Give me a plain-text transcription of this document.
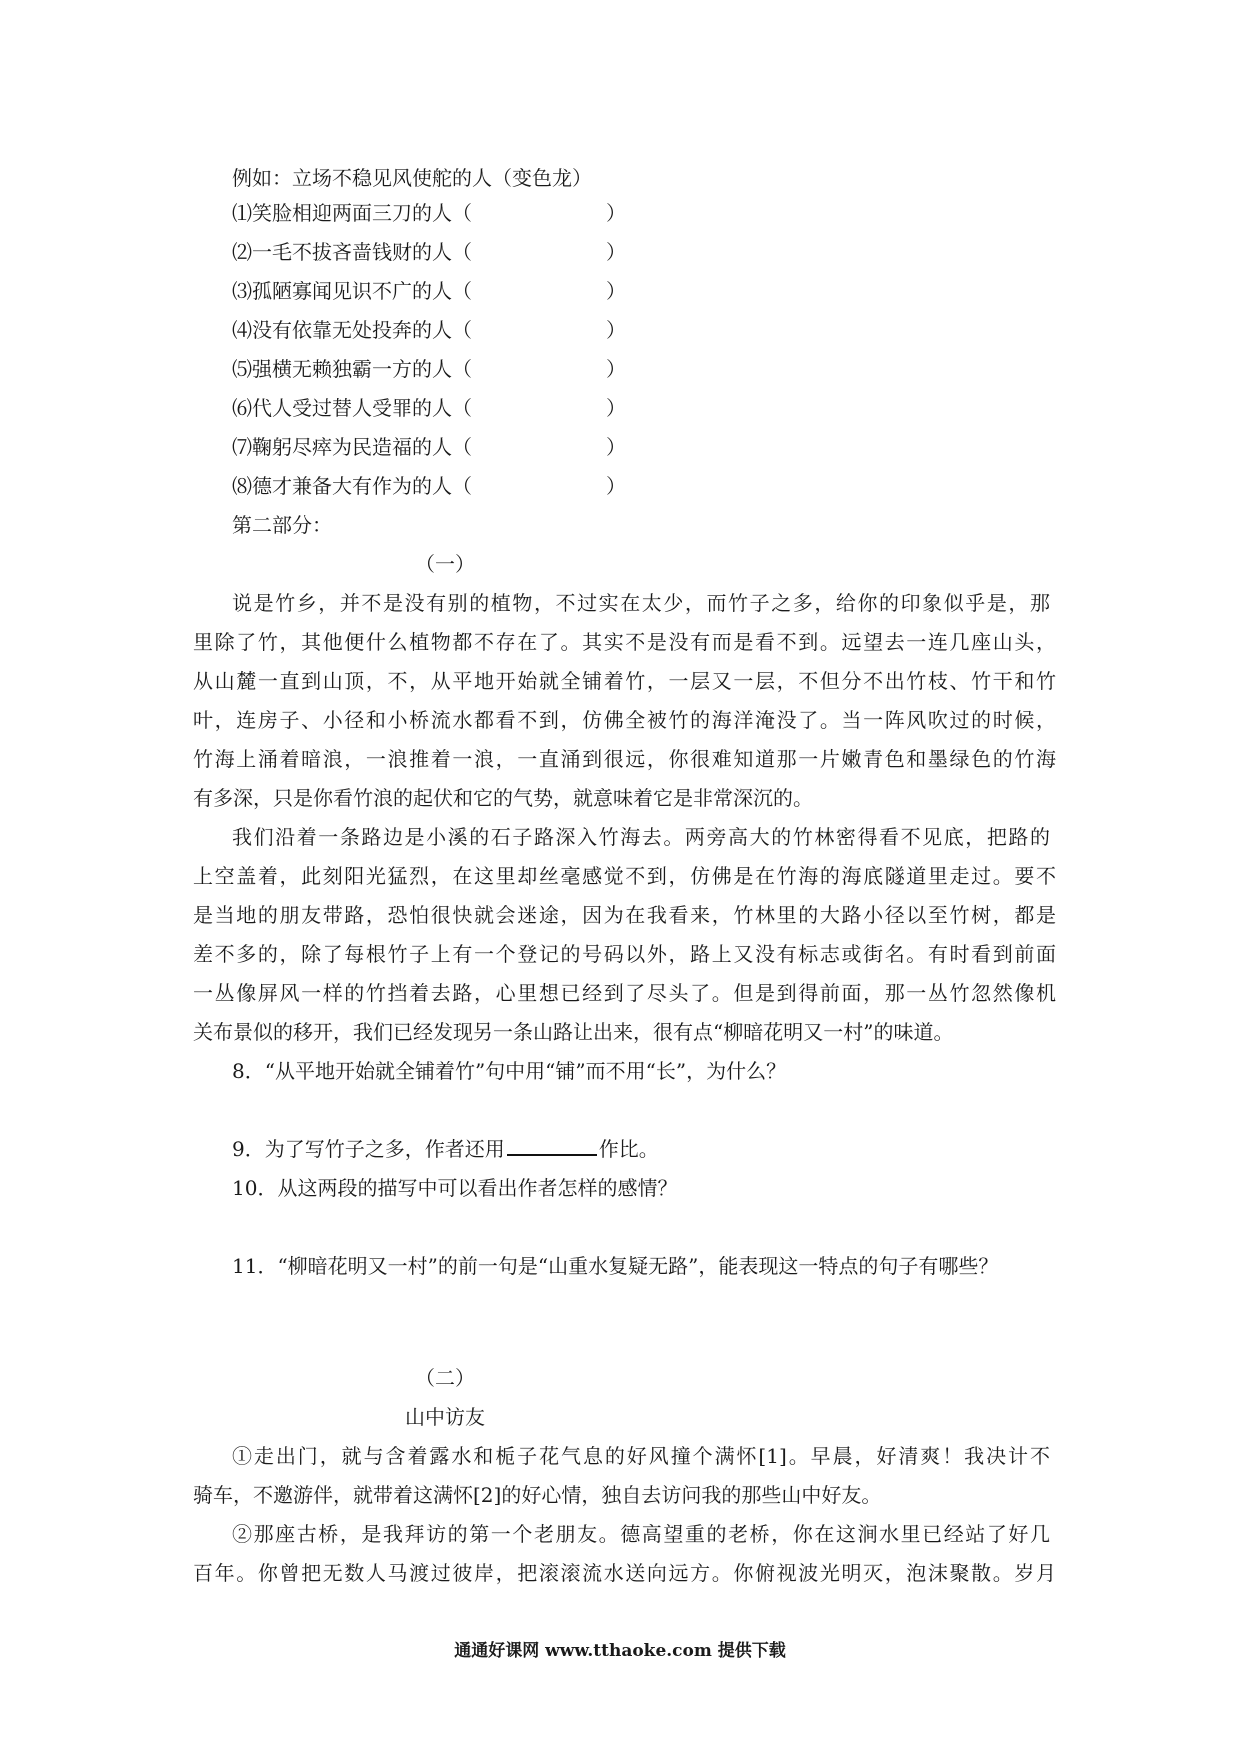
例如：立场不稳见风使舵的人（变色龙）
⑴笑脸相迎两面三刀的人（	）
⑵一毛不拔吝啬钱财的人（	）
⑶孤陋寡闻见识不广的人（	）
⑷没有依靠无处投奔的人（	）
⑸强横无赖独霸一方的人（	）
⑹代人受过替人受罪的人（	）
⑺鞠躬尽瘁为民造福的人（	）
⑻德才兼备大有作为的人（	）
第二部分：
（一）
说是竹乡，并不是没有别的植物，不过实在太少，而竹子之多，给你的印象似乎是，那
里除了竹，其他便什么植物都不存在了。其实不是没有而是看不到。远望去一连几座山头，
从山麓一直到山顶，不，从平地开始就全铺着竹，一层又一层，不但分不出竹枝、竹干和竹
叶，连房子、小径和小桥流水都看不到，仿佛全被竹的海洋淹没了。当一阵风吹过的时候，
竹海上涌着暗浪，一浪推着一浪，一直涌到很远，你很难知道那一片嫩青色和墨绿色的竹海
有多深，只是你看竹浪的起伏和它的气势，就意味着它是非常深沉的。
我们沿着一条路边是小溪的石子路深入竹海去。两旁高大的竹林密得看不见底，把路的
上空盖着，此刻阳光猛烈，在这里却丝毫感觉不到，仿佛是在竹海的海底隧道里走过。要不
是当地的朋友带路，恐怕很快就会迷途，因为在我看来，竹林里的大路小径以至竹树，都是
差不多的，除了每根竹子上有一个登记的号码以外，路上又没有标志或街名。有时看到前面
一丛像屏风一样的竹挡着去路，心里想已经到了尽头了。但是到得前面，那一丛竹忽然像机
关布景似的移开，我们已经发现另一条山路让出来，很有点“柳暗花明又一村”的味道。
8．“从平地开始就全铺着竹”句中用“铺”而不用“长”，为什么？
9．为了写竹子之多，作者还用	作比。
10．从这两段的描写中可以看出作者怎样的感情？
11．“柳暗花明又一村”的前一句是“山重水复疑无路”，能表现这一特点的句子有哪些？
（二）
山中访友
①走出门，就与含着露水和栀子花气息的好风撞个满怀[1]。早晨，好清爽！我决计不
骑车，不邀游伴，就带着这满怀[2]的好心情，独自去访问我的那些山中好友。
②那座古桥，是我拜访的第一个老朋友。德高望重的老桥，你在这涧水里已经站了好几
百年。你曾把无数人马渡过彼岸，把滚滚流水送向远方。你俯视波光明灭，泡沫聚散。岁月
通通好课网 www.tthaoke.com 提供下载
